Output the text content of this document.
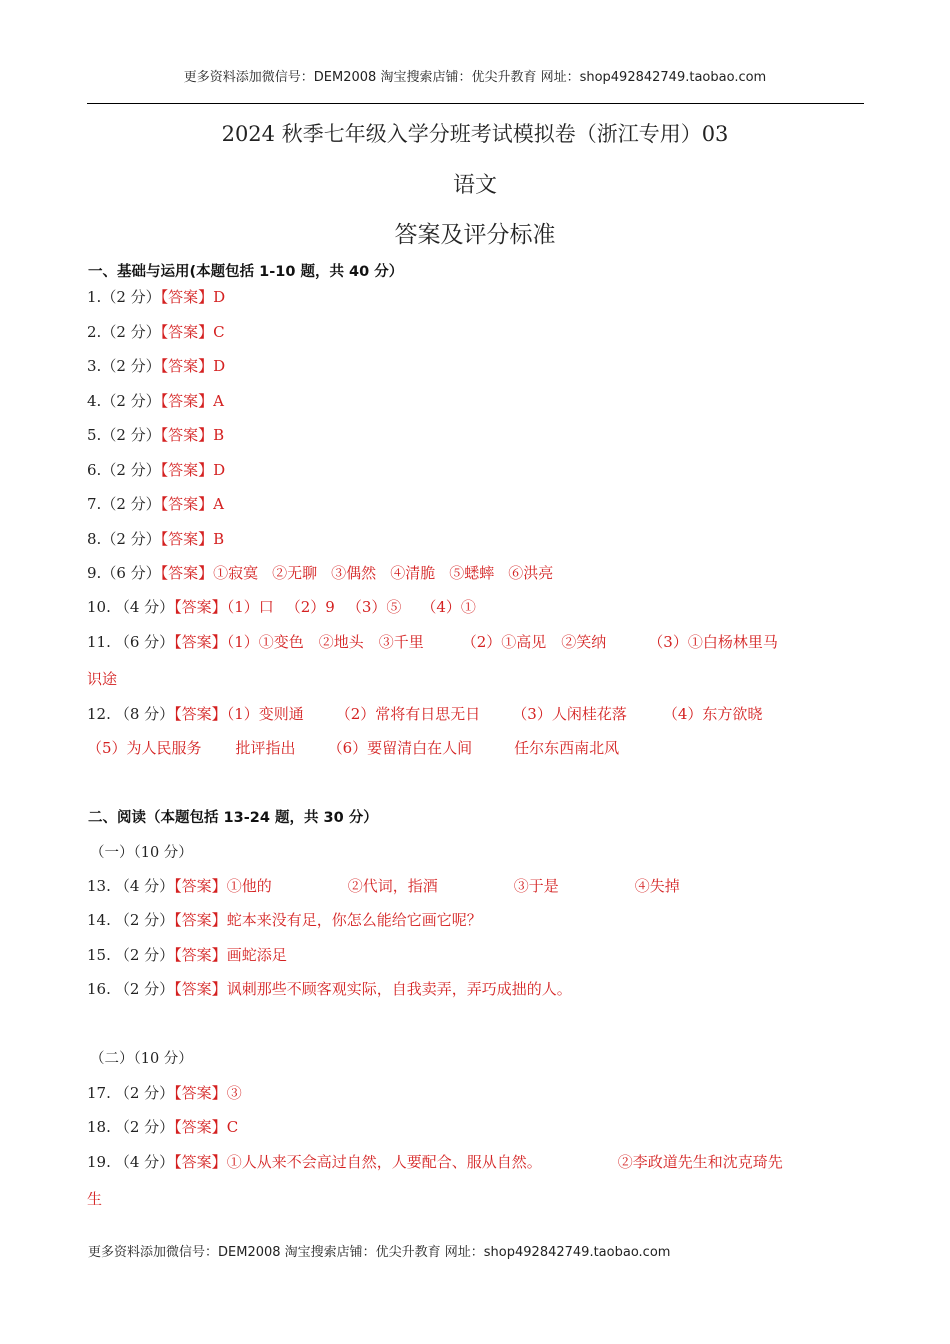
更多资料添加微信号：DEM2008 淘宝搜索店铺：优尖升教育 网址：shop492842749.taobao.com
2024 秋季七年级入学分班考试模拟卷（浙江专用）03
语文
答案及评分标准
一、基础与运用(本题包括 1-10 题，共 40 分）
1.（2 分）【答案】D
2.（2 分）【答案】C
3.（2 分）【答案】D
4.（2 分）【答案】A
5.（2 分）【答案】B
6.（2 分）【答案】D
7.（2 分）【答案】A
8.（2 分）【答案】B
9.（6 分）【答案】①寂寞 ②无聊 ③偶然 ④清脆 ⑤蟋蟀 ⑥洪亮
10. （4 分）【答案】（1）口 （2）9 （3）⑤ （4）①
11. （6 分）【答案】（1）①变色　②地头　③千里	（2）①高见　②笑纳	（3）①白杨林里马
识途
12. （8 分）【答案】（1）变则通 （2）常将有日思无日 （3）人闲桂花落 （4）东方欲晓
（5）为人民服务 批评指出 （6）要留清白在人间	任尔东西南北风
二、阅读（本题包括 13-24 题，共 30 分）
（一）（10 分）
13. （4 分）【答案】①他的	②代词，指酒	③于是	④失掉
14. （2 分）【答案】蛇本来没有足，你怎么能给它画它呢？
15. （2 分）【答案】画蛇添足
16. （2 分）【答案】讽刺那些不顾客观实际，自我卖弄，弄巧成拙的人。
（二）（10 分）
17. （2 分）【答案】③
18. （2 分）【答案】C
19. （4 分）【答案】①人从来不会高过自然，人要配合、服从自然。	②李政道先生和沈克琦先
生
更多资料添加微信号：DEM2008 淘宝搜索店铺：优尖升教育 网址：shop492842749.taobao.com
